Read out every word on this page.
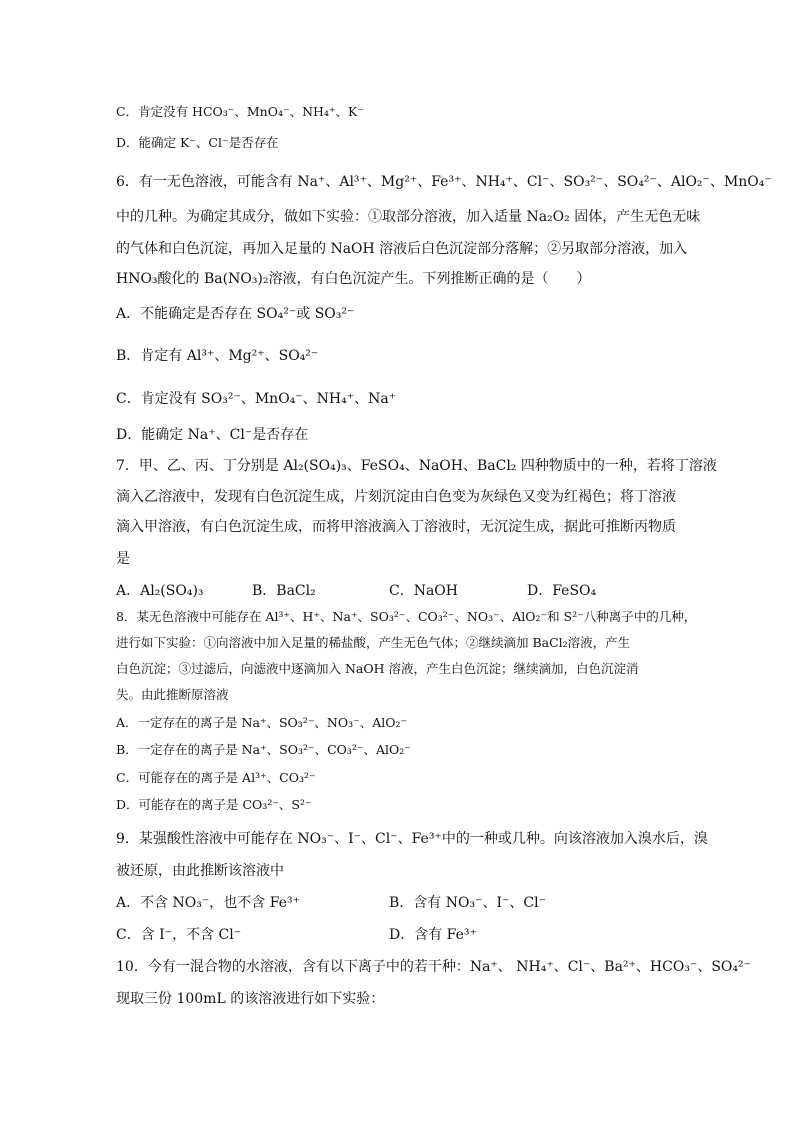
C．肯定没有 HCO₃⁻、MnO₄⁻、NH₄⁺、K⁻
D．能确定 K⁻、Cl⁻是否存在
6．有一无色溶液，可能含有 Na⁺、Al³⁺、Mg²⁺、Fe³⁺、NH₄⁺、Cl⁻、SO₃²⁻、SO₄²⁻、AlO₂⁻、MnO₄⁻
中的几种。为确定其成分，做如下实验：①取部分溶液，加入适量 Na₂O₂ 固体，产生无色无味
的气体和白色沉淀，再加入足量的 NaOH 溶液后白色沉淀部分落解；②另取部分溶液，加入
HNO₃酸化的 Ba(NO₃)₂溶液，有白色沉淀产生。下列推断正确的是（　　）
A．不能确定是否存在 SO₄²⁻或 SO₃²⁻
B．肯定有 Al³⁺、Mg²⁺、SO₄²⁻
C．肯定没有 SO₃²⁻、MnO₄⁻、NH₄⁺、Na⁺
D．能确定 Na⁺、Cl⁻是否存在
7．甲、乙、丙、丁分别是 Al₂(SO₄)₃、FeSO₄、NaOH、BaCl₂ 四种物质中的一种，若将丁溶液
滴入乙溶液中，发现有白色沉淀生成，片刻沉淀由白色变为灰绿色又变为红褐色；将丁溶液
滴入甲溶液，有白色沉淀生成，而将甲溶液滴入丁溶液时，无沉淀生成，据此可推断丙物质
是
A．Al₂(SO₄)₃	B．BaCl₂	C．NaOH	D．FeSO₄
8．某无色溶液中可能存在 Al³⁺、H⁺、Na⁺、SO₃²⁻、CO₃²⁻、NO₃⁻、AlO₂⁻和 S²⁻八种离子中的几种，
进行如下实验：①向溶液中加入足量的稀盐酸，产生无色气体；②继续滴加 BaCl₂溶液，产生
白色沉淀；③过滤后，向滤液中逐滴加入 NaOH 溶液，产生白色沉淀；继续滴加，白色沉淀消
失。由此推断原溶液
A．一定存在的离子是 Na⁺、SO₃²⁻、NO₃⁻、AlO₂⁻
B．一定存在的离子是 Na⁺、SO₃²⁻、CO₃²⁻、AlO₂⁻
C．可能存在的离子是 Al³⁺、CO₃²⁻
D．可能存在的离子是 CO₃²⁻、S²⁻
9．某强酸性溶液中可能存在 NO₃⁻、I⁻、Cl⁻、Fe³⁺中的一种或几种。向该溶液加入溴水后，溴
被还原，由此推断该溶液中
A．不含 NO₃⁻，也不含 Fe³⁺	B．含有 NO₃⁻、I⁻、Cl⁻
C．含 I⁻，不含 Cl⁻	D．含有 Fe³⁺
10．今有一混合物的水溶液，含有以下离子中的若干种：Na⁺、 NH₄⁺、Cl⁻、Ba²⁺、HCO₃⁻、SO₄²⁻
现取三份 100mL 的该溶液进行如下实验：
